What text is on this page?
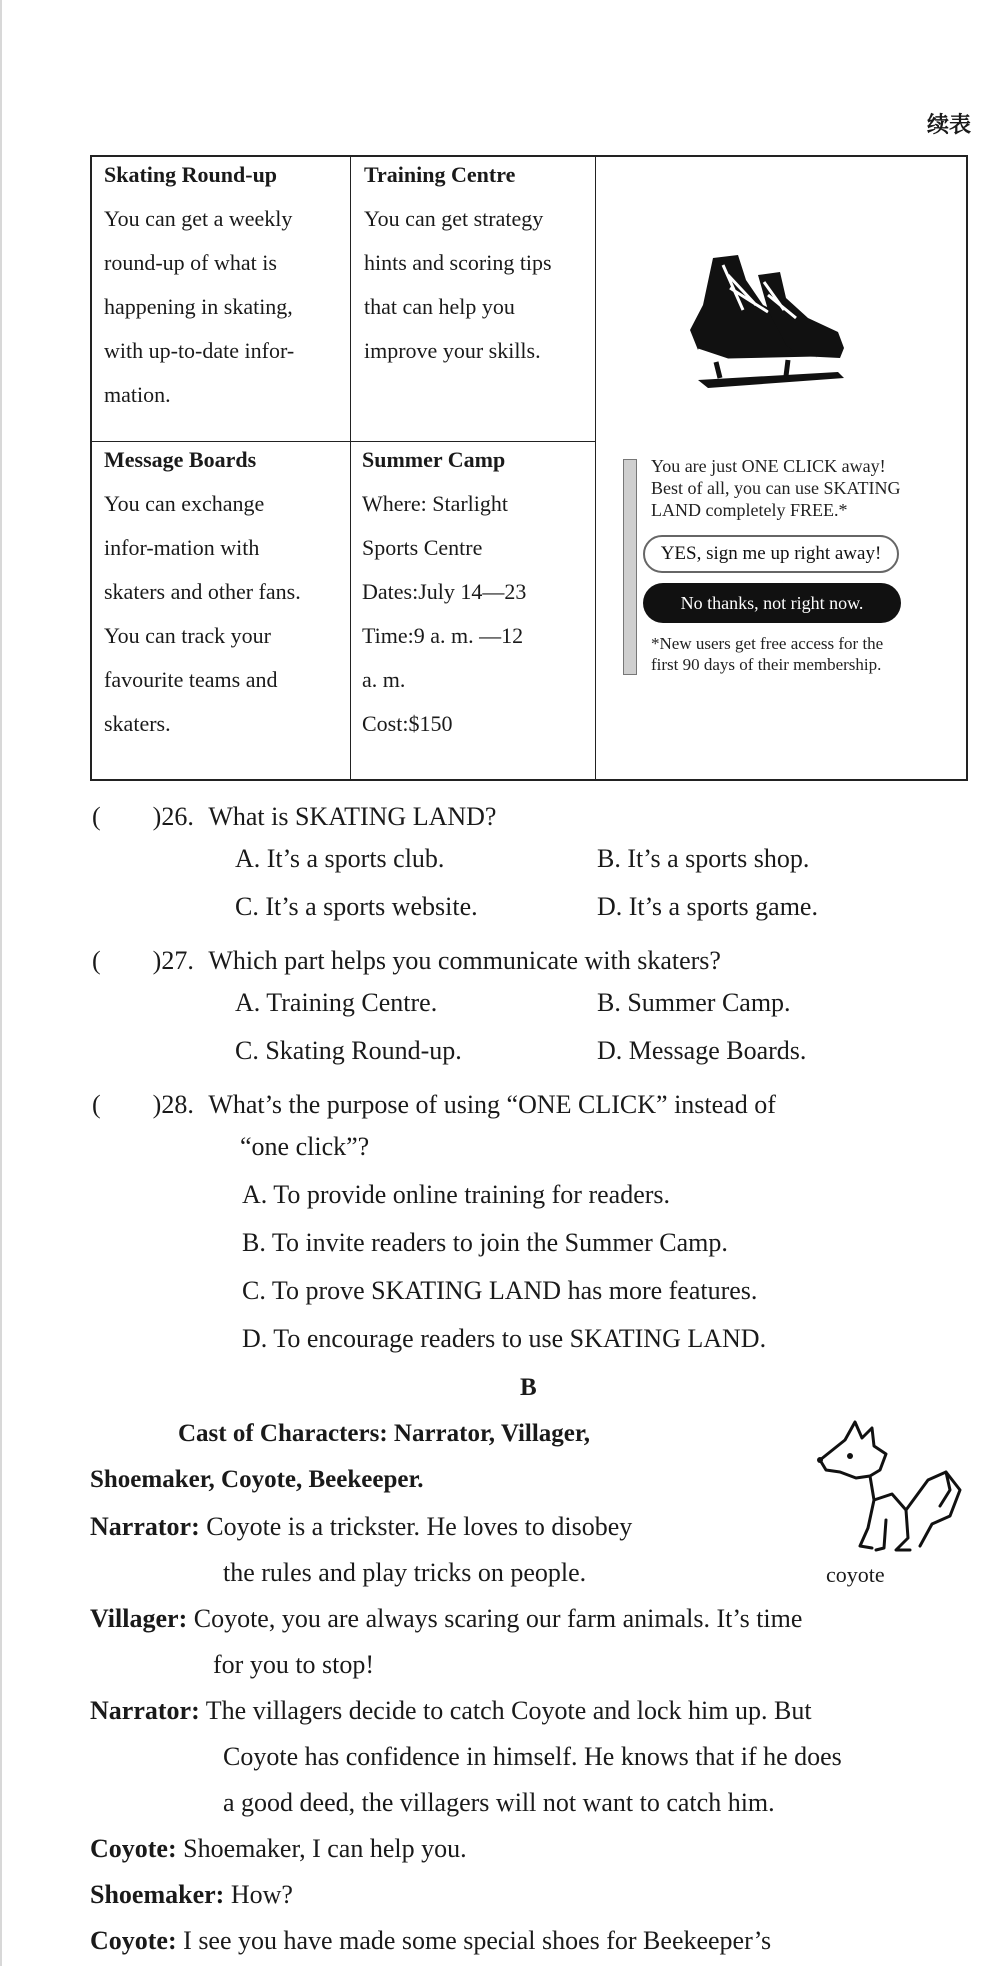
续表
Skating Round-up
You can get a weekly
round-up of what is
happening in skating,
with up-to-date infor-
mation.
Training Centre
You can get strategy
hints and scoring tips
that can help you
improve your skills.
Message Boards
You can exchange
infor-mation with
skaters and other fans.
You can track your
favourite teams and
skaters.
Summer Camp
Where: Starlight
Sports Centre
Dates:July 14—23
Time:9 a. m. —12
a. m.
Cost:$150
You are just ONE CLICK away!
Best of all, you can use SKATING
LAND completely FREE.*
YES, sign me up right away!
No thanks, not right now.
*New users get free access for the
first 90 days of their membership.
(　　)26. What is SKATING LAND?
A. It’s a sports club.	B. It’s a sports shop.
C. It’s a sports website.	D. It’s a sports game.
(　　)27. Which part helps you communicate with skaters?
A. Training Centre.	B. Summer Camp.
C. Skating Round-up.	D. Message Boards.
(　　)28. What’s the purpose of using “ONE CLICK” instead of
“one click”?
A. To provide online training for readers.
B. To invite readers to join the Summer Camp.
C. To prove SKATING LAND has more features.
D. To encourage readers to use SKATING LAND.
B
Cast of Characters: Narrator, Villager,
Shoemaker, Coyote, Beekeeper.
coyote
Narrator: Coyote is a trickster. He loves to disobey
the rules and play tricks on people.
Villager: Coyote, you are always scaring our farm animals. It’s time
for you to stop!
Narrator: The villagers decide to catch Coyote and lock him up. But
Coyote has confidence in himself. He knows that if he does
a good deed, the villagers will not want to catch him.
Coyote: Shoemaker, I can help you.
Shoemaker: How?
Coyote: I see you have made some special shoes for Beekeeper’s
